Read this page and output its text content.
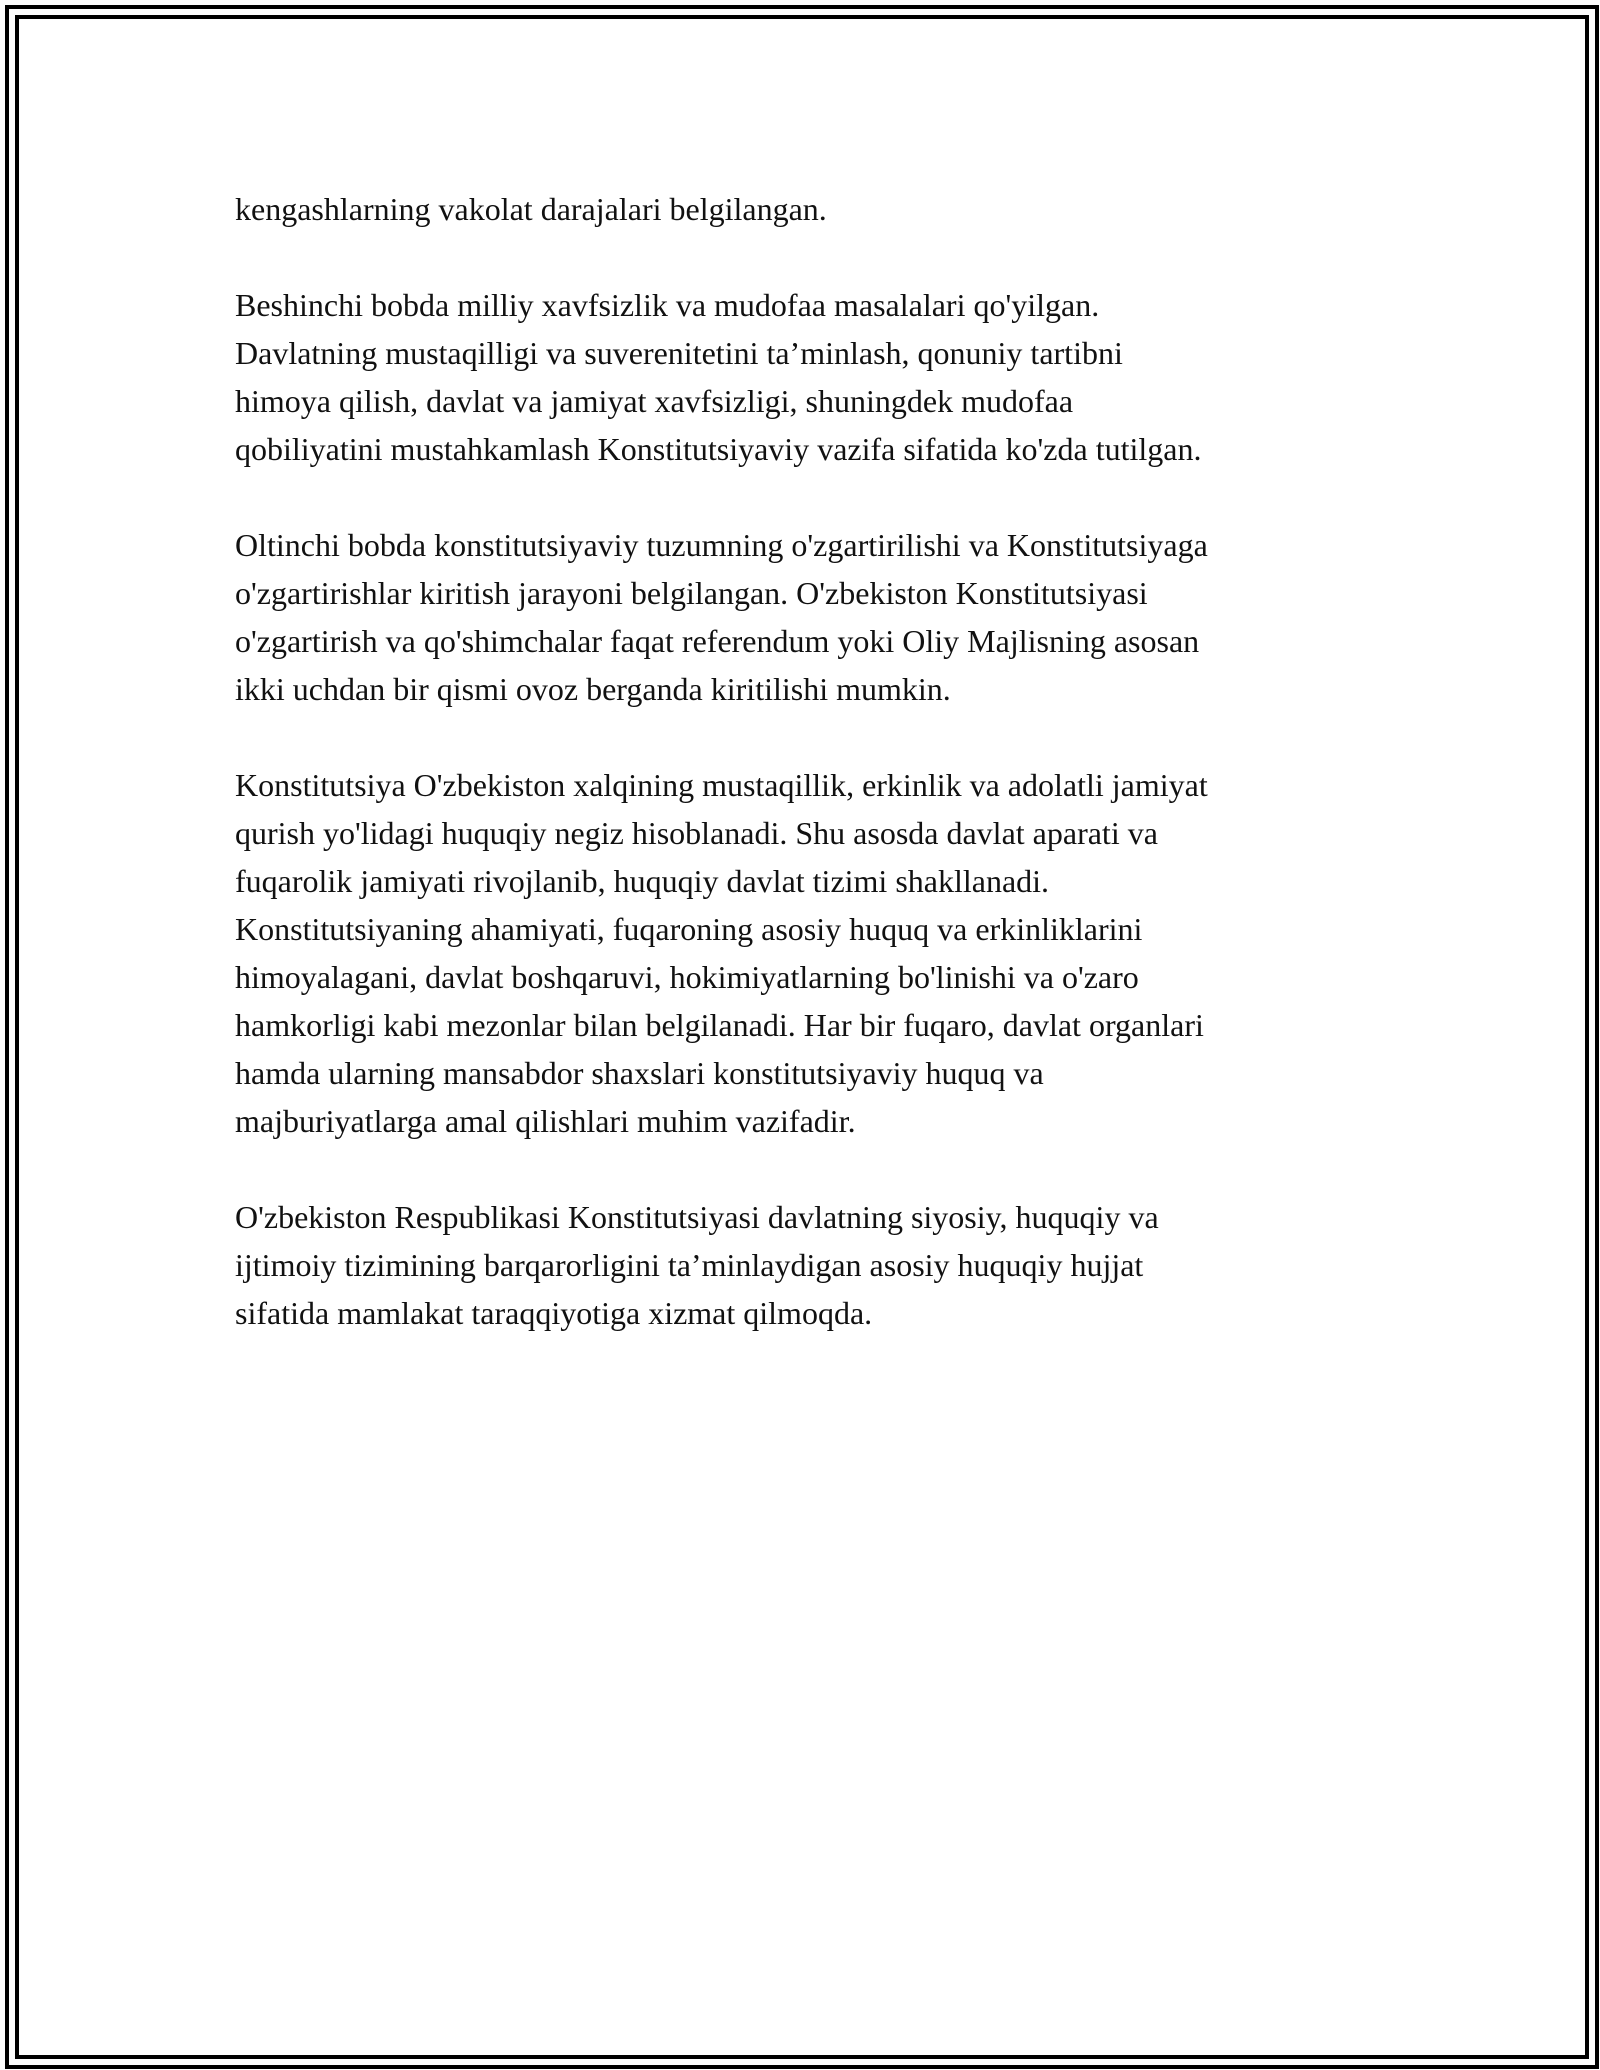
kengashlarning vakolat darajalari belgilangan.

Beshinchi bobda milliy xavfsizlik va mudofaa masalalari qo'yilgan.
Davlatning mustaqilligi va suverenitetini ta’minlash, qonuniy tartibni
himoya qilish, davlat va jamiyat xavfsizligi, shuningdek mudofaa
qobiliyatini mustahkamlash Konstitutsiyaviy vazifa sifatida ko'zda tutilgan.

Oltinchi bobda konstitutsiyaviy tuzumning o'zgartirilishi va Konstitutsiyaga
o'zgartirishlar kiritish jarayoni belgilangan. O'zbekiston Konstitutsiyasi
o'zgartirish va qo'shimchalar faqat referendum yoki Oliy Majlisning asosan
ikki uchdan bir qismi ovoz berganda kiritilishi mumkin.

Konstitutsiya O'zbekiston xalqining mustaqillik, erkinlik va adolatli jamiyat
qurish yo'lidagi huquqiy negiz hisoblanadi. Shu asosda davlat aparati va
fuqarolik jamiyati rivojlanib, huquqiy davlat tizimi shakllanadi.
Konstitutsiyaning ahamiyati, fuqaroning asosiy huquq va erkinliklarini
himoyalagani, davlat boshqaruvi, hokimiyatlarning bo'linishi va o'zaro
hamkorligi kabi mezonlar bilan belgilanadi. Har bir fuqaro, davlat organlari
hamda ularning mansabdor shaxslari konstitutsiyaviy huquq va
majburiyatlarga amal qilishlari muhim vazifadir.

O'zbekiston Respublikasi Konstitutsiyasi davlatning siyosiy, huquqiy va
ijtimoiy tizimining barqarorligini ta’minlaydigan asosiy huquqiy hujjat
sifatida mamlakat taraqqiyotiga xizmat qilmoqda.
